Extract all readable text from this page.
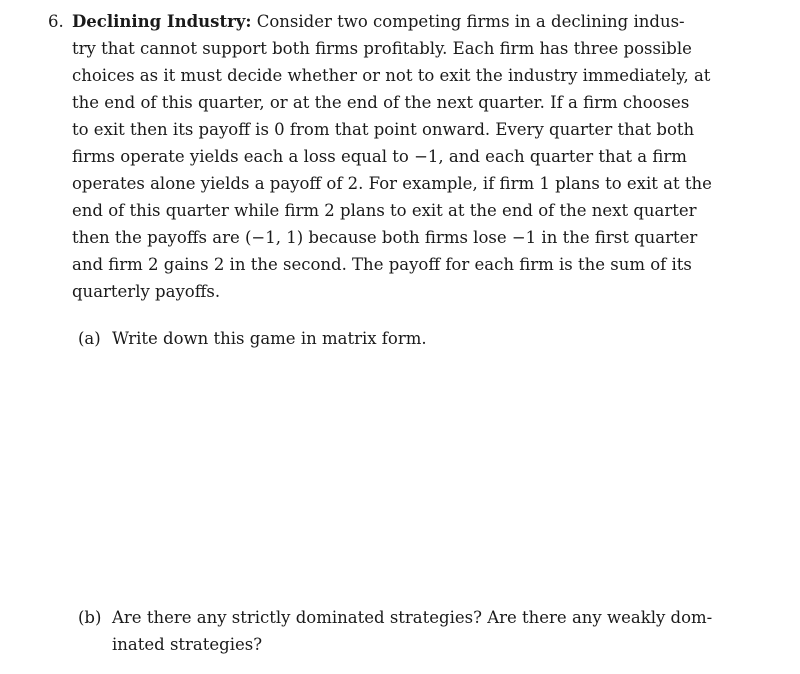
6. Declining Industry: Consider two competing firms in a declining indus-
try that cannot support both firms profitably. Each firm has three possible
choices as it must decide whether or not to exit the industry immediately, at
the end of this quarter, or at the end of the next quarter. If a firm chooses
to exit then its payoff is 0 from that point onward. Every quarter that both
firms operate yields each a loss equal to −1, and each quarter that a firm
operates alone yields a payoff of 2. For example, if firm 1 plans to exit at the
end of this quarter while firm 2 plans to exit at the end of the next quarter
then the payoffs are (−1, 1) because both firms lose −1 in the first quarter
and firm 2 gains 2 in the second. The payoff for each firm is the sum of its
quarterly payoffs.
(a) Write down this game in matrix form.
(b) Are there any strictly dominated strategies? Are there any weakly dom-
inated strategies?
